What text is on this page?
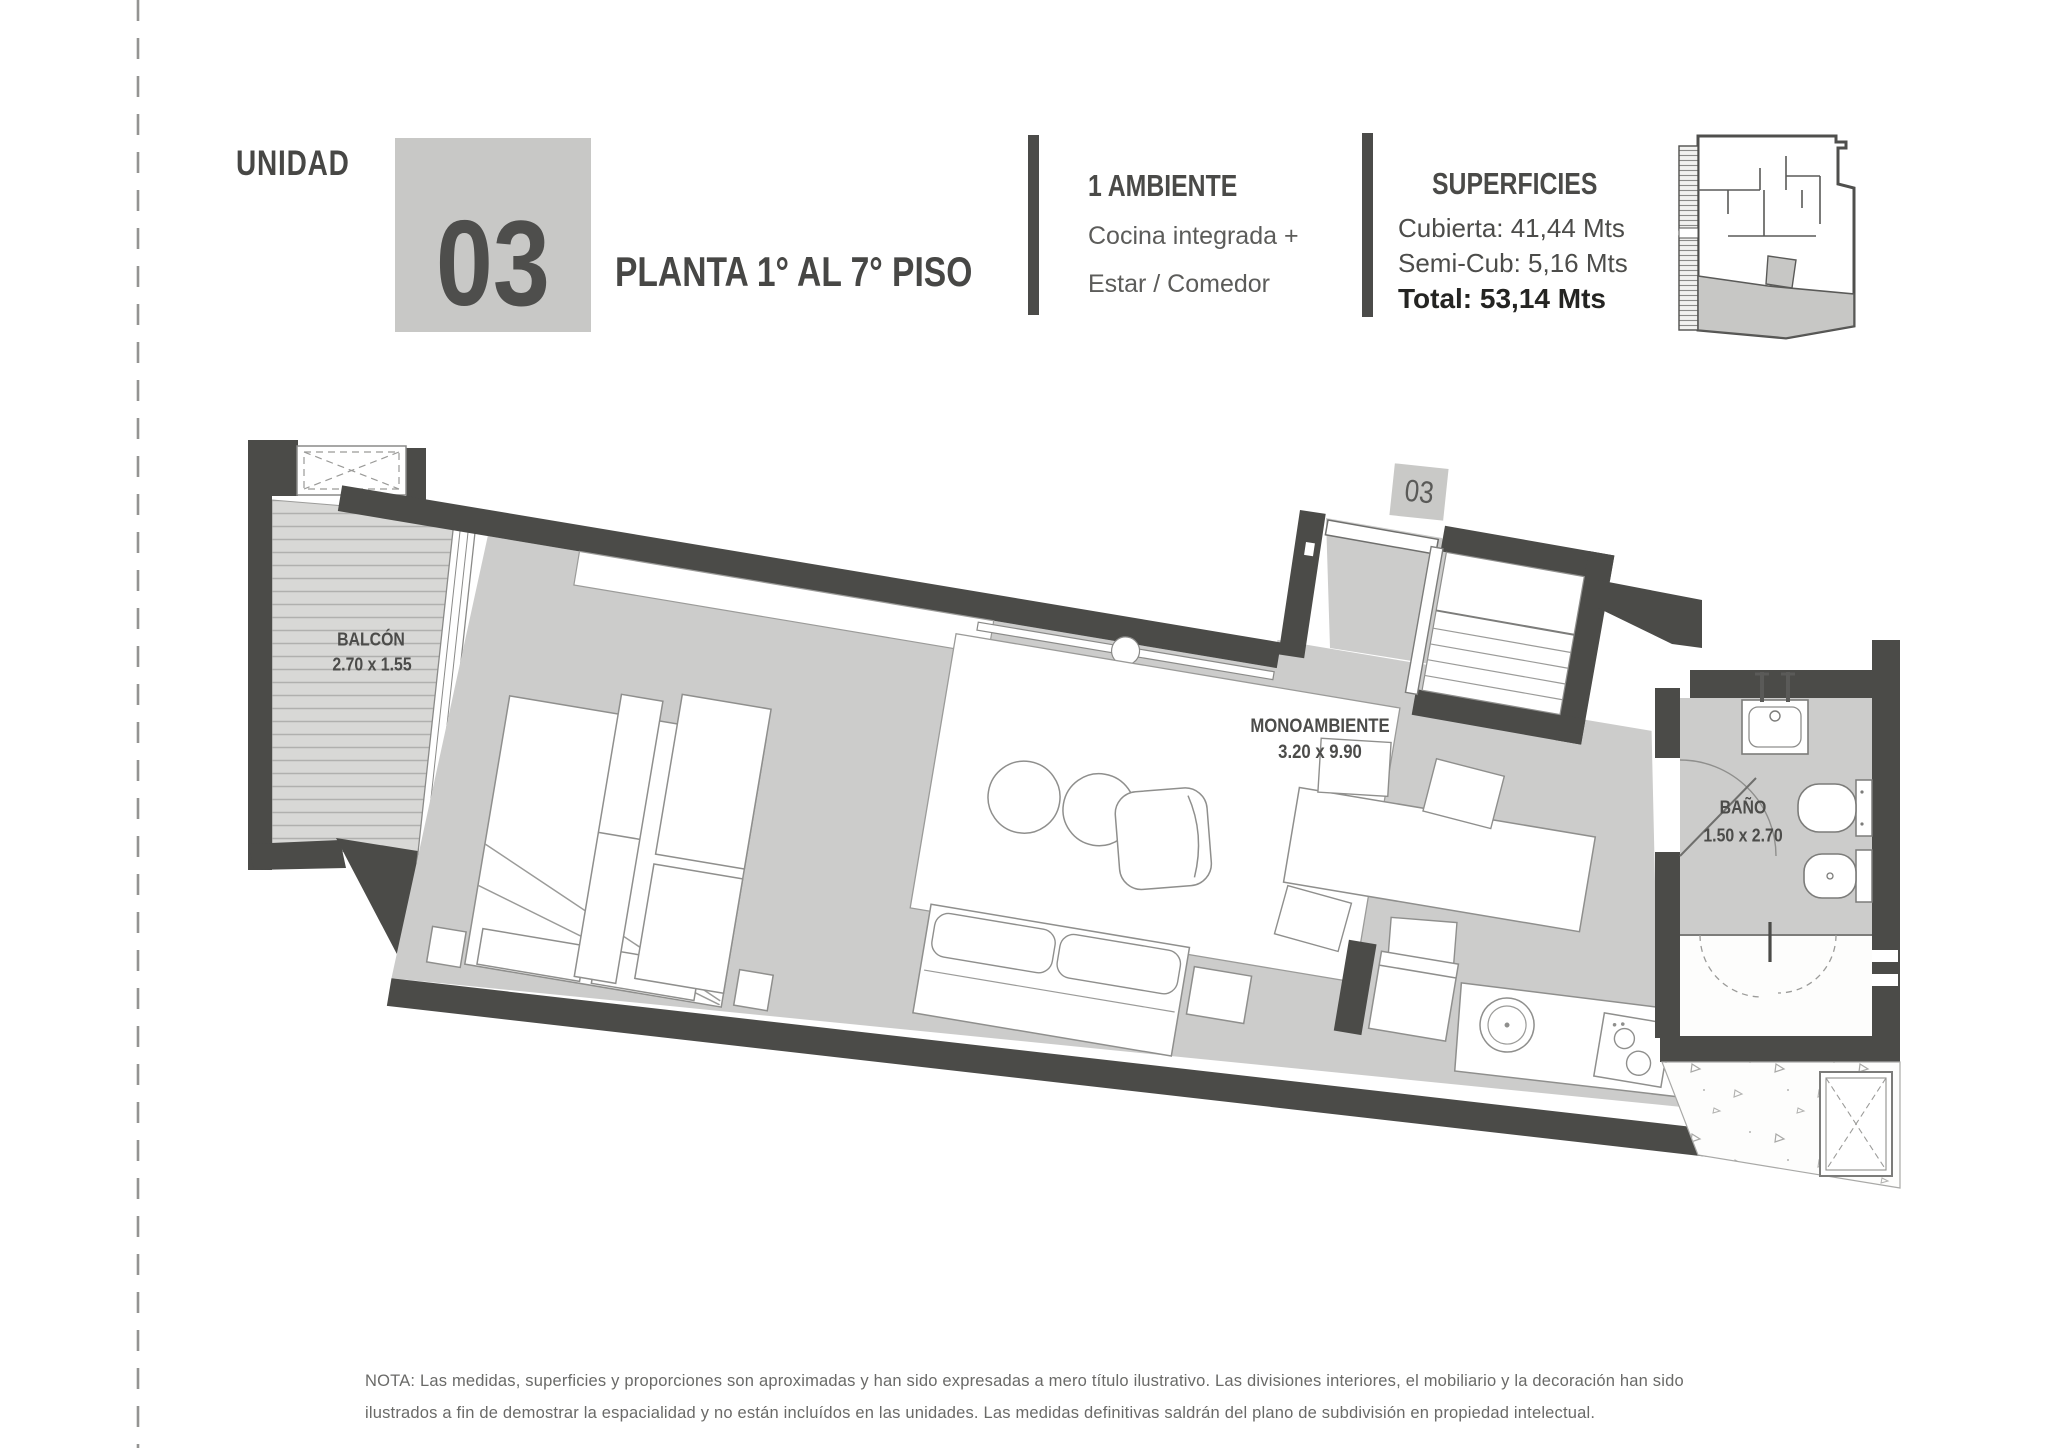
UNIDAD
03 PLANTA 1° AL 7° PISO
1 AMBIENTE
Cocina integrada +
Estar / Comedor
SUPERFICIES
Cubierta: 41,44 Mts
Semi-Cub: 5,16 Mts
Total: 53,14 Mts
BALCÓN
2.70 x 1.55
MONOAMBIENTE
3.20 x 9.90
BAÑO
1.50 x 2.70
03
NOTA: Las medidas, superficies y proporciones son aproximadas y han sido expresadas a mero título ilustrativo. Las divisiones interiores, el mobiliario y la decoración han sido ilustrados a fin de demostrar la espacialidad y no están incluídos en las unidades. Las medidas definitivas saldrán del plano de subdivisión en propiedad intelectual.
